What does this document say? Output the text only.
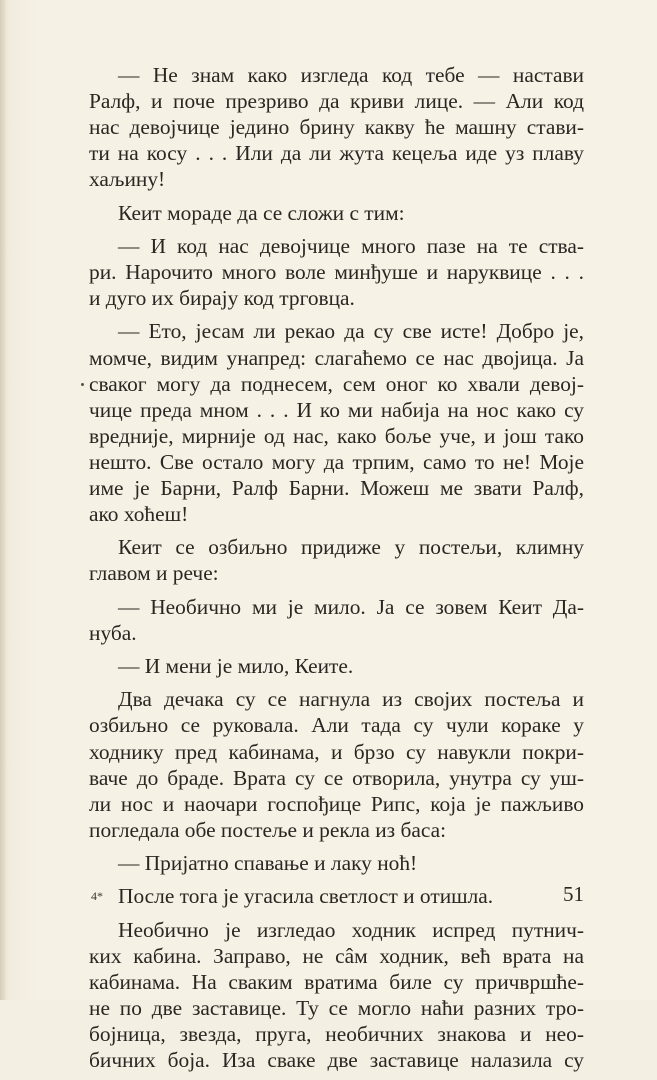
— Не знам како изгледа код тебе — настави
Ралф, и поче презриво да криви лице. — Али код
нас девојчице једино брину какву ће машну стави-
ти на косу . . . Или да ли жута кецеља иде уз плаву
хаљину!

Кеит мораде да се сложи с тим:

— И код нас девојчице много пазе на те ства-
ри. Нарочито много воле минђуше и наруквице . . .
и дуго их бирају код трговца.

— Ето, јесам ли рекао да су све исте! Добро је,
момче, видим унапред: слагаћемо се нас двојица. Ја
сваког могу да поднесем, сем оног ко хвали девој-
чице преда мном . . . И ко ми набија на нос како су
вредније, мирније од нас, како боље уче, и још тако
нешто. Све остало могу да трпим, само то не! Моје
име је Барни, Ралф Барни. Можеш ме звати Ралф,
ако хоћеш!

Кеит се озбиљно придиже у постељи, климну
главом и рече:

— Необично ми је мило. Ја се зовем Кеит Да-
нуба.

— И мени је мило, Кеите.

Два дечака су се нагнула из својих постеља и
озбиљно се руковала. Али тада су чули кораке у
ходнику пред кабинама, и брзо су навукли покри-
ваче до браде. Врата су се отворила, унутра су уш-
ли нос и наочари госпођице Рипс, која је пажљиво
погледала обе постеље и рекла из баса:

— Пријатно спавање и лаку ноћ!

После тога је угасила светлост и отишла.

Необично је изгледао ходник испред путнич-
ких кабина. Заправо, не сâм ходник, већ врата на
кабинама. На сваким вратима биле су причвршће-
не по две заставице. Ту се могло наћи разних тро-
бојница, звезда, пруга, необичних знакова и нео-
бичних боја. Иза сваке две заставице налазила су

4*	51
